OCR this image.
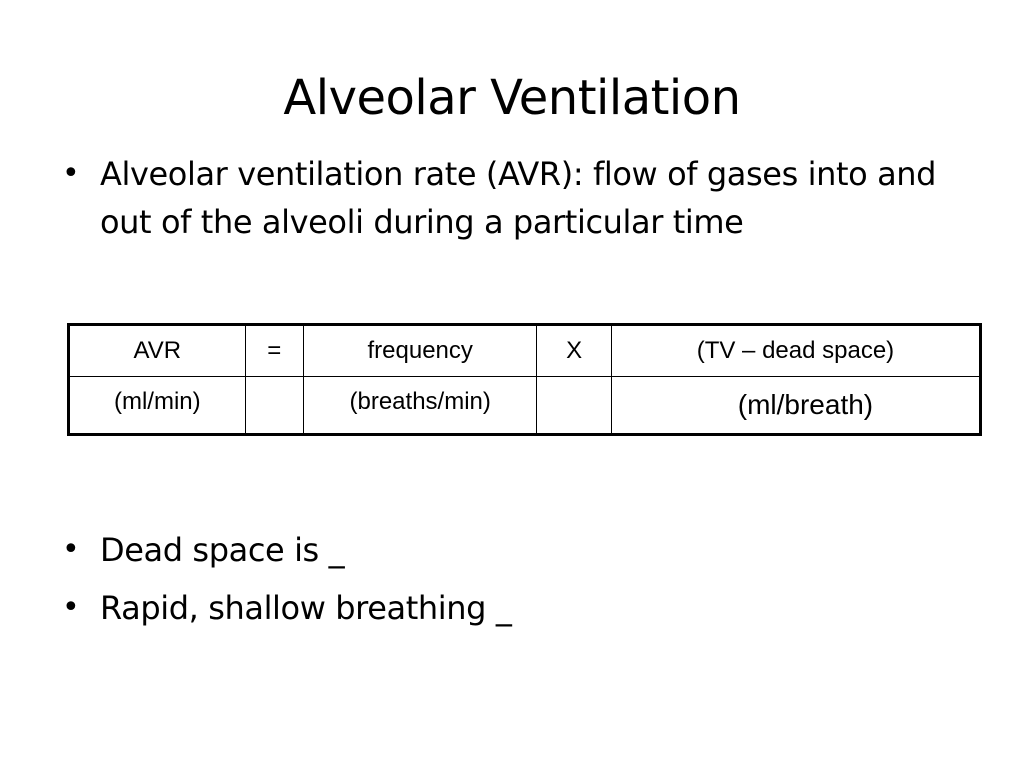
Alveolar Ventilation
• Alveolar ventilation rate (AVR): flow of gases into and out of the alveoli during a particular time
AVR	=	frequency	X	(TV – dead space)
(ml/min)		(breaths/min)		(ml/breath)
• Dead space is _
• Rapid, shallow breathing _
